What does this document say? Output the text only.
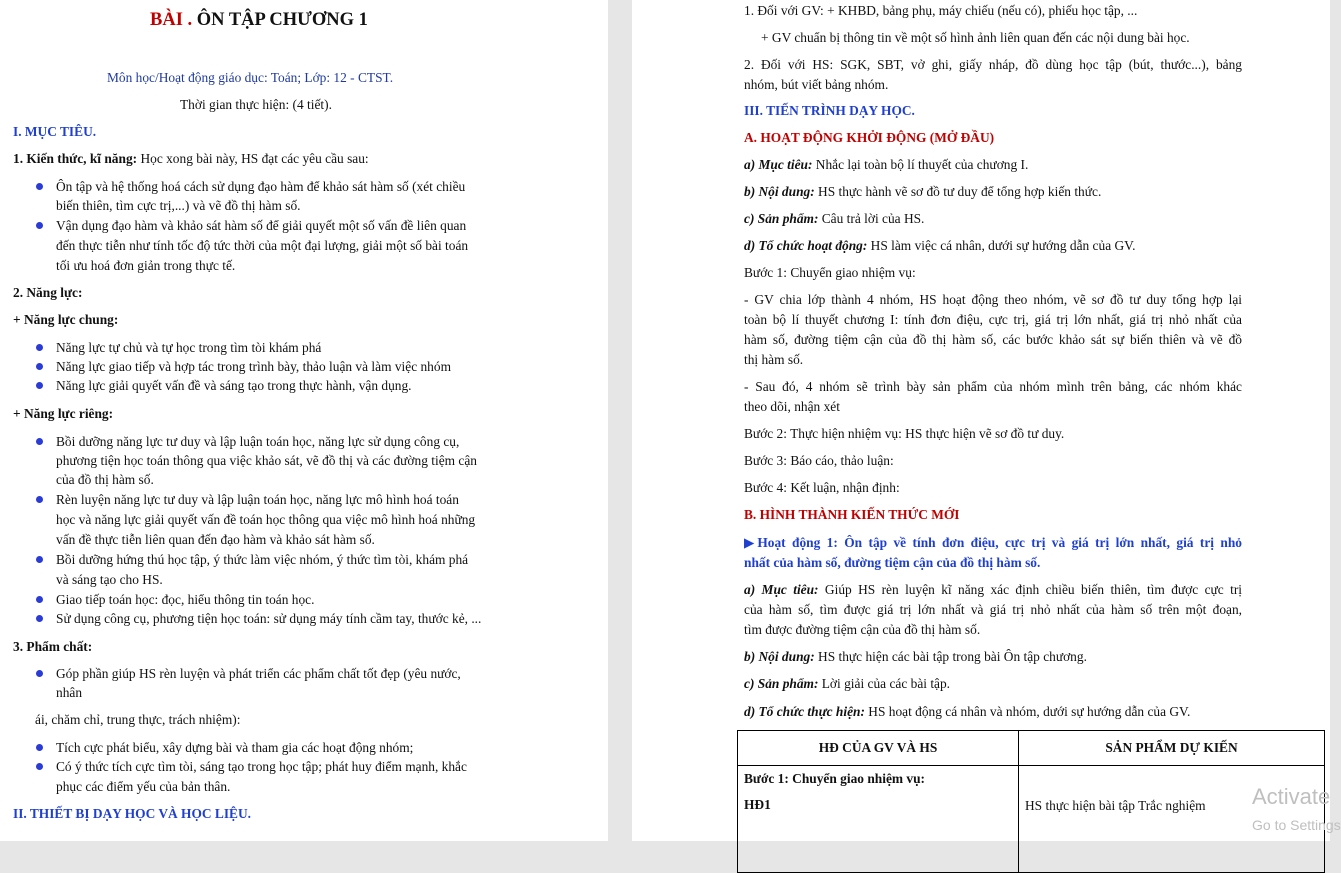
BÀI . ÔN TẬP CHƯƠNG 1
Môn học/Hoạt động giáo dục: Toán; Lớp: 12 - CTST.
Thời gian thực hiện: (4 tiết).
I. MỤC TIÊU.
1. Kiến thức, kĩ năng: Học xong bài này, HS đạt các yêu cầu sau:
Ôn tập và hệ thống hoá cách sử dụng đạo hàm để khảo sát hàm số (xét chiều
biến thiên, tìm cực trị,...) và vẽ đồ thị hàm số.
Vận dụng đạo hàm và khảo sát hàm số để giải quyết một số vấn đề liên quan
đến thực tiễn như tính tốc độ tức thời của một đại lượng, giải một số bài toán
tối ưu hoá đơn giản trong thực tế.
2. Năng lực:
+ Năng lực chung:
Năng lực tự chủ và tự học trong tìm tòi khám phá
Năng lực giao tiếp và hợp tác trong trình bày, thảo luận và làm việc nhóm
Năng lực giải quyết vấn đề và sáng tạo trong thực hành, vận dụng.
+ Năng lực riêng:
Bồi dưỡng năng lực tư duy và lập luận toán học, năng lực sử dụng công cụ,
phương tiện học toán thông qua việc khảo sát, vẽ đồ thị và các đường tiệm cận
của đồ thị hàm số.
Rèn luyện năng lực tư duy và lập luận toán học, năng lực mô hình hoá toán
học và năng lực giải quyết vấn đề toán học thông qua việc mô hình hoá những
vấn đề thực tiễn liên quan đến đạo hàm và khảo sát hàm số.
Bồi dưỡng hứng thú học tập, ý thức làm việc nhóm, ý thức tìm tòi, khám phá
và sáng tạo cho HS.
Giao tiếp toán học: đọc, hiểu thông tin toán học.
Sử dụng công cụ, phương tiện học toán: sử dụng máy tính cầm tay, thước kẻ, ...
3. Phẩm chất:
Góp phần giúp HS rèn luyện và phát triển các phẩm chất tốt đẹp (yêu nước,
nhân
ái, chăm chỉ, trung thực, trách nhiệm):
Tích cực phát biểu, xây dựng bài và tham gia các hoạt động nhóm;
Có ý thức tích cực tìm tòi, sáng tạo trong học tập; phát huy điểm mạnh, khắc
phục các điểm yếu của bản thân.
II. THIẾT BỊ DẠY HỌC VÀ HỌC LIỆU.
1. Đối với GV: + KHBD, bảng phụ, máy chiếu (nếu có), phiếu học tập, ...
+ GV chuẩn bị thông tin về một số hình ảnh liên quan đến các nội dung bài học.
2. Đối với HS: SGK, SBT, vở ghi, giấy nháp, đồ dùng học tập (bút, thước...), bảng
nhóm, bút viết bảng nhóm.
III. TIẾN TRÌNH DẠY HỌC.
A. HOẠT ĐỘNG KHỞI ĐỘNG (MỞ ĐẦU)
a) Mục tiêu: Nhắc lại toàn bộ lí thuyết của chương I.
b) Nội dung: HS thực hành vẽ sơ đồ tư duy để tổng hợp kiến thức.
c) Sản phẩm: Câu trả lời của HS.
d) Tổ chức hoạt động: HS làm việc cá nhân, dưới sự hướng dẫn của GV.
Bước 1: Chuyển giao nhiệm vụ:
- GV chia lớp thành 4 nhóm, HS hoạt động theo nhóm, vẽ sơ đồ tư duy tổng hợp lại
toàn bộ lí thuyết chương I: tính đơn điệu, cực trị, giá trị lớn nhất, giá trị nhỏ nhất của
hàm số, đường tiệm cận của đồ thị hàm số, các bước khảo sát sự biến thiên và vẽ đồ
thị hàm số.
- Sau đó, 4 nhóm sẽ trình bày sản phẩm của nhóm mình trên bảng, các nhóm khác
theo dõi, nhận xét
Bước 2: Thực hiện nhiệm vụ: HS thực hiện vẽ sơ đồ tư duy.
Bước 3: Báo cáo, thảo luận:
Bước 4: Kết luận, nhận định:
B. HÌNH THÀNH KIẾN THỨC MỚI
▶Hoạt động 1: Ôn tập về tính đơn điệu, cực trị và giá trị lớn nhất, giá trị nhỏ
nhất của hàm số, đường tiệm cận của đồ thị hàm số.
a) Mục tiêu: Giúp HS rèn luyện kĩ năng xác định chiều biến thiên, tìm được cực trị
của hàm số, tìm được giá trị lớn nhất và giá trị nhỏ nhất của hàm số trên một đoạn,
tìm được đường tiệm cận của đồ thị hàm số.
b) Nội dung: HS thực hiện các bài tập trong bài Ôn tập chương.
c) Sản phẩm: Lời giải của các bài tập.
d) Tổ chức thực hiện: HS hoạt động cá nhân và nhóm, dưới sự hướng dẫn của GV.
HĐ CỦA GV VÀ HS	SẢN PHẨM DỰ KIẾN

Bước 1: Chuyển giao nhiệm vụ:
HĐ1	HS thực hiện bài tập Trắc nghiệm Activate
Go to Settings
